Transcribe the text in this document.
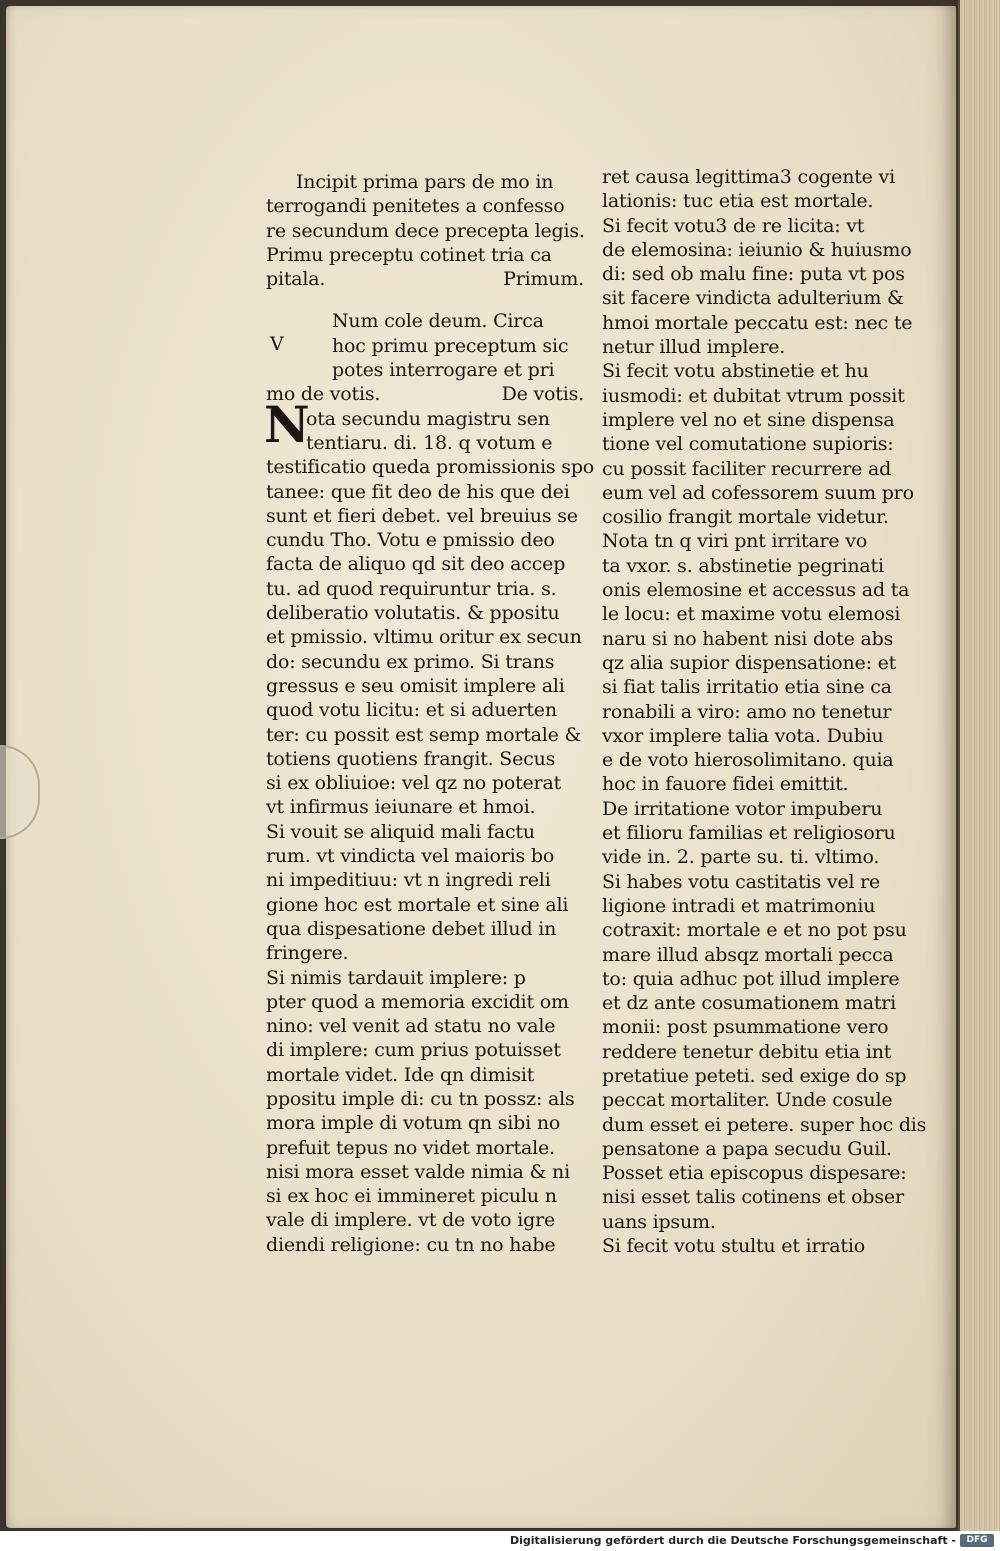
V
N
Incipit prima pars de mo in
terrogandi penitetes a confesso
re secundum dece precepta legis.
Primu preceptu cotinet tria ca
pitala.	Primum.
Num cole deum. Circa
hoc primu preceptum sic
potes interrogare et pri
mo de votis.	De votis.
ota secundu magistru sen
tentiaru. di. 18. q votum e
testificatio queda promissionis spo
tanee: que fit deo de his que dei
sunt et fieri debet. vel breuius se
cundu Tho. Votu e pmissio deo
facta de aliquo qd sit deo accep
tu. ad quod requiruntur tria. s.
deliberatio volutatis. & ppositu
et pmissio. vltimu oritur ex secun
do: secundu ex primo. Si trans
gressus e seu omisit implere ali
quod votu licitu: et si aduerten
ter: cu possit est semp mortale &
totiens quotiens frangit. Secus
si ex obliuioe: vel qz no poterat
vt infirmus ieiunare et hmoi.
Si vouit se aliquid mali factu
rum. vt vindicta vel maioris bo
ni impeditiuu: vt n ingredi reli
gione hoc est mortale et sine ali
qua dispesatione debet illud in
fringere.
Si nimis tardauit implere: p
pter quod a memoria excidit om
nino: vel venit ad statu no vale
di implere: cum prius potuisset
mortale videt. Ide qn dimisit
ppositu imple di: cu tn possz: als
mora imple di votum qn sibi no
prefuit tepus no videt mortale.
nisi mora esset valde nimia & ni
si ex hoc ei immineret piculu n
vale di implere. vt de voto igre
diendi religione: cu tn no habe
ret causa legittima3 cogente vi
lationis: tuc etia est mortale.
Si fecit votu3 de re licita: vt
de elemosina: ieiunio & huiusmo
di: sed ob malu fine: puta vt pos
sit facere vindicta adulterium &
hmoi mortale peccatu est: nec te
netur illud implere.
Si fecit votu abstinetie et hu
iusmodi: et dubitat vtrum possit
implere vel no et sine dispensa
tione vel comutatione supioris:
cu possit faciliter recurrere ad
eum vel ad cofessorem suum pro
cosilio frangit mortale videtur.
Nota tn q viri pnt irritare vo
ta vxor. s. abstinetie pegrinati
onis elemosine et accessus ad ta
le locu: et maxime votu elemosi
naru si no habent nisi dote abs
qz alia supior dispensatione: et
si fiat talis irritatio etia sine ca
ronabili a viro: amo no tenetur
vxor implere talia vota. Dubiu
e de voto hierosolimitano. quia
hoc in fauore fidei emittit.
De irritatione votor impuberu
et filioru familias et religiosoru
vide in. 2. parte su. ti. vltimo.
Si habes votu castitatis vel re
ligione intradi et matrimoniu
cotraxit: mortale e et no pot psu
mare illud absqz mortali pecca
to: quia adhuc pot illud implere
et dz ante cosumationem matri
monii: post psummatione vero
reddere tenetur debitu etia int
pretatiue peteti. sed exige do sp
peccat mortaliter. Unde cosule
dum esset ei petere. super hoc dis
pensatone a papa secudu Guil.
Posset etia episcopus dispesare:
nisi esset talis cotinens et obser
uans ipsum.
Si fecit votu stultu et irratio
Digitalisierung gefördert durch die Deutsche Forschungsgemeinschaft -	DFG
